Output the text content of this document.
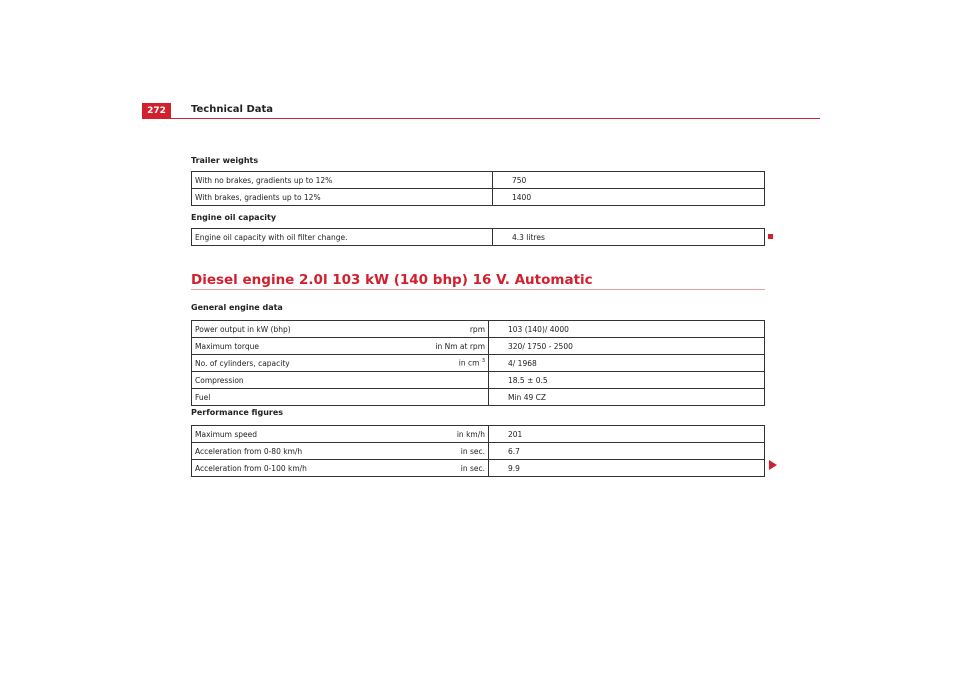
272	Technical Data
Trailer weights
With no brakes, gradients up to 12%		750
With brakes, gradients up to 12%		1400
Engine oil capacity
Engine oil capacity with oil filter change.		4.3 litres
Diesel engine 2.0l 103 kW (140 bhp) 16 V. Automatic
General engine data
Power output in kW (bhp)	rpm		103 (140)/ 4000
Maximum torque	in Nm at rpm		320/ 1750 - 2500
No. of cylinders, capacity	in cm $^3$		4/ 1968
Compression			18.5 ± 0.5
Fuel			Min 49 CZ
Performance figures
Maximum speed	in km/h		201
Acceleration from 0-80 km/h	in sec.		6.7
Acceleration from 0-100 km/h	in sec.		9.9
